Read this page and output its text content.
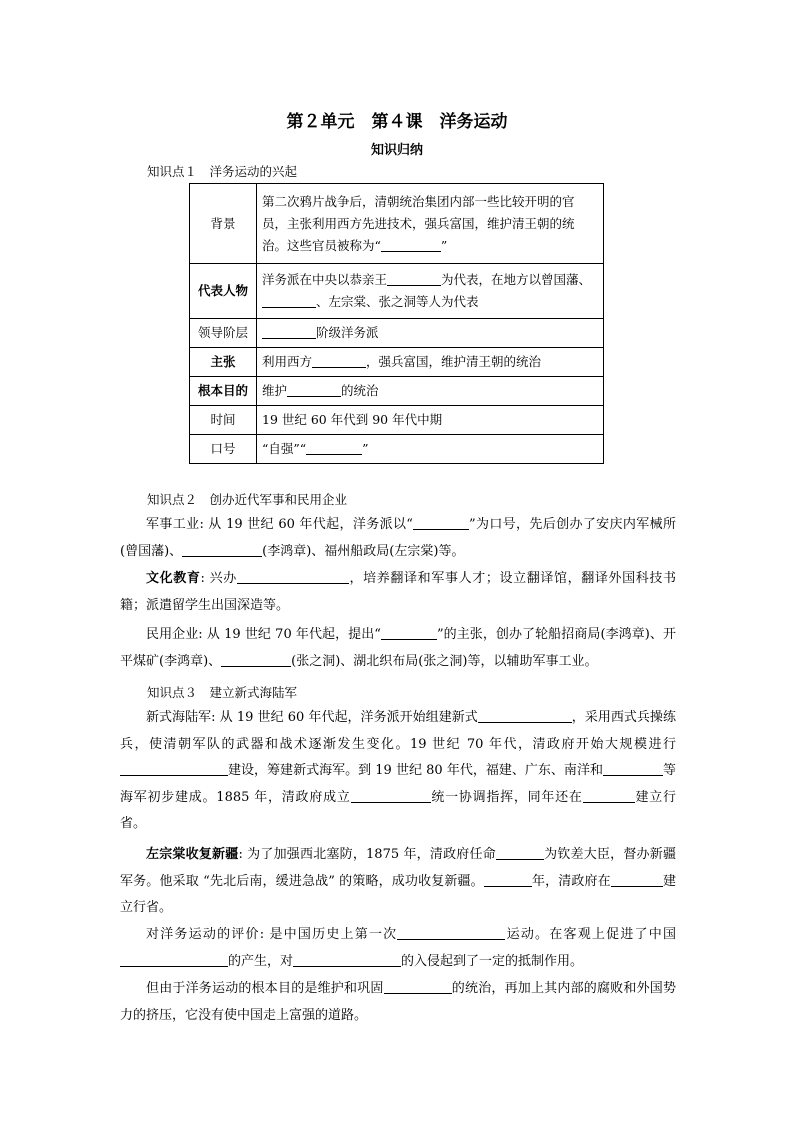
第２单元　第４课　洋务运动
知识归纳
知识点１　洋务运动的兴起
背景	第二次鸦片战争后，清朝统治集团内部一些比较开明的官员，主张利用西方先进技术，强兵富国，维护清王朝的统治。这些官员被称为“ ”
代表人物	洋务派在中央以恭亲王 为代表，在地方以曾国藩、、左宗棠、张之洞等人为代表
领导阶层	阶级洋务派
主张	利用西方 ，强兵富国，维护清王朝的统治
根本目的	维护 的统治
时间	19 世纪 60 年代到 90 年代中期
口号	“自强”“ ”
知识点２　创办近代军事和民用企业

军事工业: 从 19 世纪 60 年代起，洋务派以“	”为口号，先后创办了安庆内军械所(曾国藩)、	(李鸿章)、福州船政局(左宗棠)等。

文化教育: 兴办	，培养翻译和军事人才；设立翻译馆，翻译外国科技书籍；派遣留学生出国深造等。

民用企业: 从 19 世纪 70 年代起，提出“	”的主张，创办了轮船招商局(李鸿章)、开平煤矿(李鸿章)、	(张之洞)、湖北织布局(张之洞)等，以辅助军事工业。

知识点３　建立新式海陆军

新式海陆军: 从 19 世纪 60 年代起，洋务派开始组建新式	，采用西式兵操练兵，使清朝军队的武器和战术逐渐发生变化。19 世纪 70 年代，清政府开始大规模进行建设，筹建新式海军。到 19 世纪 80 年代，福建、广东、南洋和	等海军初步建成。1885 年，清政府成立	统一协调指挥，同年还在	建立行省。

左宗棠收复新疆: 为了加强西北塞防，1875 年，清政府任命	为钦差大臣，督办新疆军务。他采取 “先北后南，缓进急战” 的策略，成功收复新疆。	年，清政府在	建立行省。

对洋务运动的评价: 是中国历史上第一次	运动。在客观上促进了中国的产生，对	的入侵起到了一定的抵制作用。

但由于洋务运动的根本目的是维护和巩固	的统治，再加上其内部的腐败和外国势力的挤压，它没有使中国走上富强的道路。
